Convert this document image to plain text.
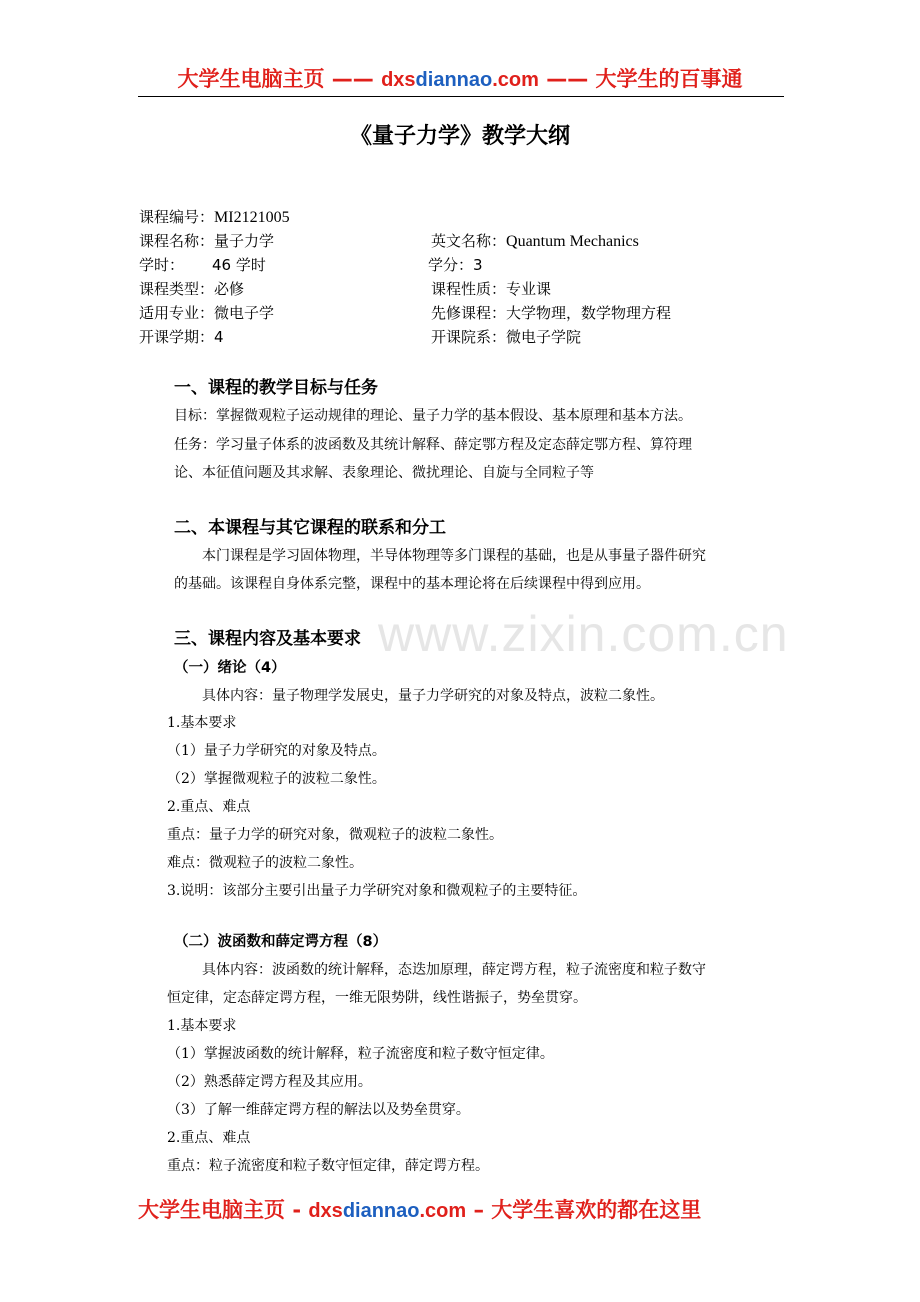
大学生电脑主页 —— dxsdiannao.com —— 大学生的百事通
《量子力学》教学大纲
课程编号：MI2121005
课程名称：量子力学	英文名称：Quantum Mechanics
学时： 46 学时	学分：3
课程类型：必修	课程性质：专业课
适用专业：微电子学	先修课程：大学物理，数学物理方程
开课学期：4	开课院系：微电子学院
一、课程的教学目标与任务
目标：掌握微观粒子运动规律的理论、量子力学的基本假设、基本原理和基本方法。
任务：学习量子体系的波函数及其统计解释、薛定鄂方程及定态薛定鄂方程、算符理
论、本征值问题及其求解、表象理论、微扰理论、自旋与全同粒子等
二、本课程与其它课程的联系和分工
本门课程是学习固体物理，半导体物理等多门课程的基础，也是从事量子器件研究
的基础。该课程自身体系完整，课程中的基本理论将在后续课程中得到应用。
www.zixin.com.cn
三、课程内容及基本要求
（一）绪论（4）
具体内容：量子物理学发展史，量子力学研究的对象及特点，波粒二象性。
1.基本要求
（1）量子力学研究的对象及特点。
（2）掌握微观粒子的波粒二象性。
2.重点、难点
重点：量子力学的研究对象，微观粒子的波粒二象性。
难点：微观粒子的波粒二象性。
3.说明：该部分主要引出量子力学研究对象和微观粒子的主要特征。
（二）波函数和薛定谔方程（8）
具体内容：波函数的统计解释，态迭加原理，薛定谔方程，粒子流密度和粒子数守
恒定律，定态薛定谔方程，一维无限势阱，线性谐振子，势垒贯穿。
1.基本要求
（1）掌握波函数的统计解释，粒子流密度和粒子数守恒定律。
（2）熟悉薛定谔方程及其应用。
（3）了解一维薛定谔方程的解法以及势垒贯穿。
2.重点、难点
重点：粒子流密度和粒子数守恒定律，薛定谔方程。
大学生电脑主页 - dxsdiannao.com – 大学生喜欢的都在这里
